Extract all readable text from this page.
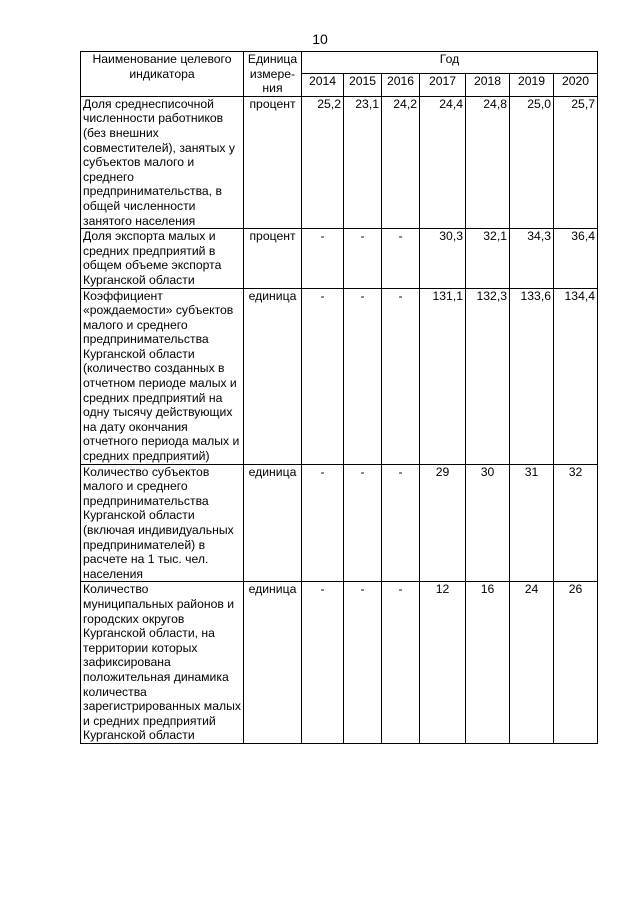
10
Наименование целевого индикатора	Единица измере-ния	Год						
		2014	2015	2016	2017	2018	2019	2020
Доля среднесписочной численности работников (без внешних совместителей), занятых у субъектов малого и среднего предпринимательства, в общей численности занятого населения	процент	25,2	23,1	24,2	24,4	24,8	25,0	25,7
Доля экспорта малых и средних предприятий в общем объеме экспорта Курганской области	процент	-	-	-	30,3	32,1	34,3	36,4
Коэффициент «рождаемости» субъектов малого и среднего предпринимательства Курганской области (количество созданных в отчетном периоде малых и средних предприятий на одну тысячу действующих на дату окончания отчетного периода малых и средних предприятий)	единица	-	-	-	131,1	132,3	133,6	134,4
Количество субъектов малого и среднего предпринимательства Курганской области (включая индивидуальных предпринимателей) в расчете на 1 тыс. чел. населения	единица	-	-	-	29	30	31	32
Количество муниципальных районов и городских округов Курганской области, на территории которых зафиксирована положительная динамика количества зарегистрированных малых и средних предприятий Курганской области	единица	-	-	-	12	16	24	26
